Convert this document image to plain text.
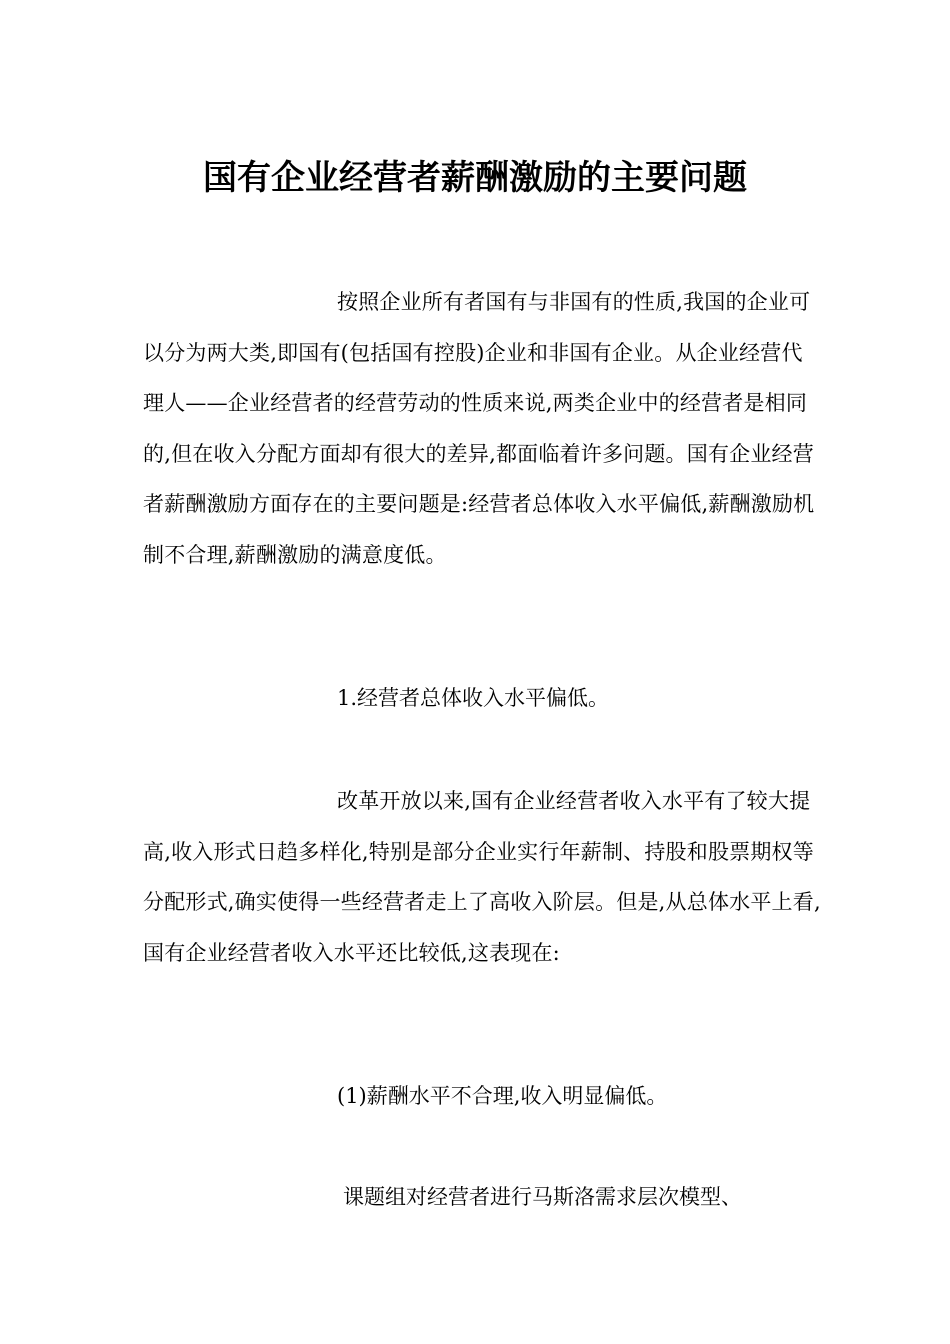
国有企业经营者薪酬激励的主要问题
按照企业所有者国有与非国有的性质,我国的企业可以分为两大类,即国有(包括国有控股)企业和非国有企业。从企业经营代理人——企业经营者的经营劳动的性质来说,两类企业中的经营者是相同的,但在收入分配方面却有很大的差异,都面临着许多问题。国有企业经营者薪酬激励方面存在的主要问题是:经营者总体收入水平偏低,薪酬激励机制不合理,薪酬激励的满意度低。
1.经营者总体收入水平偏低。
改革开放以来,国有企业经营者收入水平有了较大提高,收入形式日趋多样化,特别是部分企业实行年薪制、持股和股票期权等分配形式,确实使得一些经营者走上了高收入阶层。但是,从总体水平上看,国有企业经营者收入水平还比较低,这表现在:
(1)薪酬水平不合理,收入明显偏低。
课题组对经营者进行马斯洛需求层次模型、
